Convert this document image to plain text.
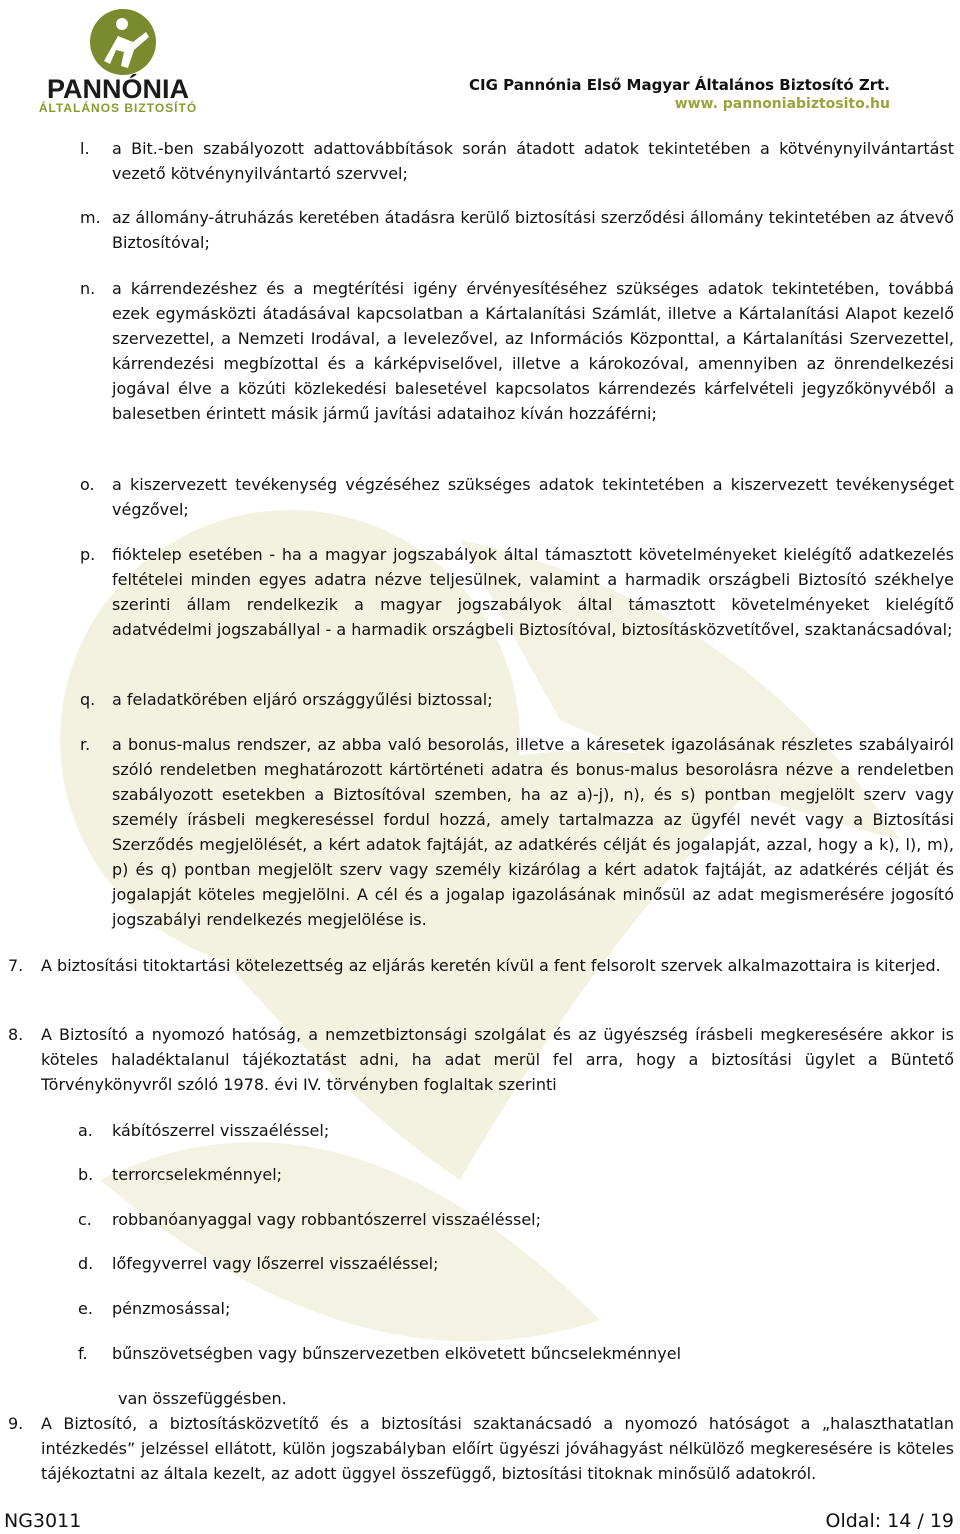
PANNÓNIA
ÁLTALÁNOS BIZTOSÍTÓ
CIG Pannónia Első Magyar Általános Biztosító Zrt.
www. pannoniabiztosito.hu
l. a Bit.-ben szabályozott adattovábbítások során átadott adatok tekintetében a kötvénynyilvántartást vezető kötvénynyilvántartó szervvel;
m. az állomány-átruházás keretében átadásra kerülő biztosítási szerződési állomány tekintetében az átvevő Biztosítóval;
n. a kárrendezéshez és a megtérítési igény érvényesítéséhez szükséges adatok tekintetében, továbbá ezek egymásközti átadásával kapcsolatban a Kártalanítási Számlát, illetve a Kártalanítási Alapot kezelő szervezettel, a Nemzeti Irodával, a levelezővel, az Információs Központtal, a Kártalanítási Szervezettel, kárrendezési megbízottal és a kárképviselővel, illetve a károkozóval, amennyiben az önrendelkezési jogával élve a közúti közlekedési balesetével kapcsolatos kárrendezés kárfelvételi jegyzőkönyvéből a balesetben érintett másik jármű javítási adataihoz kíván hozzáférni;
o. a kiszervezett tevékenység végzéséhez szükséges adatok tekintetében a kiszervezett tevékenységet végzővel;
p. fióktelep esetében - ha a magyar jogszabályok által támasztott követelményeket kielégítő adatkezelés feltételei minden egyes adatra nézve teljesülnek, valamint a harmadik országbeli Biztosító székhelye szerinti állam rendelkezik a magyar jogszabályok által támasztott követelményeket kielégítő adatvédelmi jogszabállyal - a harmadik országbeli Biztosítóval, biztosításközvetítővel, szaktanácsadóval;
q. a feladatkörében eljáró országgyűlési biztossal;
r. a bonus-malus rendszer, az abba való besorolás, illetve a káresetek igazolásának részletes szabályairól szóló rendeletben meghatározott kártörténeti adatra és bonus-malus besorolásra nézve a rendeletben szabályozott esetekben a Biztosítóval szemben, ha az a)-j), n), és s) pontban megjelölt szerv vagy személy írásbeli megkereséssel fordul hozzá, amely tartalmazza az ügyfél nevét vagy a Biztosítási Szerződés megjelölését, a kért adatok fajtáját, az adatkérés célját és jogalapját, azzal, hogy a k), l), m), p) és q) pontban megjelölt szerv vagy személy kizárólag a kért adatok fajtáját, az adatkérés célját és jogalapját köteles megjelölni. A cél és a jogalap igazolásának minősül az adat megismerésére jogosító jogszabályi rendelkezés megjelölése is.
7. A biztosítási titoktartási kötelezettség az eljárás keretén kívül a fent felsorolt szervek alkalmazottaira is kiterjed.
8. A Biztosító a nyomozó hatóság, a nemzetbiztonsági szolgálat és az ügyészség írásbeli megkeresésére akkor is köteles haladéktalanul tájékoztatást adni, ha adat merül fel arra, hogy a biztosítási ügylet a Büntető Törvénykönyvről szóló 1978. évi IV. törvényben foglaltak szerinti
a. kábítószerrel visszaéléssel;
b. terrorcselekménnyel;
c. robbanóanyaggal vagy robbantószerrel visszaéléssel;
d. lőfegyverrel vagy lőszerrel visszaéléssel;
e. pénzmosással;
f. bűnszövetségben vagy bűnszervezetben elkövetett bűncselekménnyel
van összefüggésben.
9. A Biztosító, a biztosításközvetítő és a biztosítási szaktanácsadó a nyomozó hatóságot a „halaszthatatlan intézkedés” jelzéssel ellátott, külön jogszabályban előírt ügyészi jóváhagyást nélkülöző megkeresésére is köteles tájékoztatni az általa kezelt, az adott üggyel összefüggő, biztosítási titoknak minősülő adatokról.
NG3011	Oldal: 14 / 19
